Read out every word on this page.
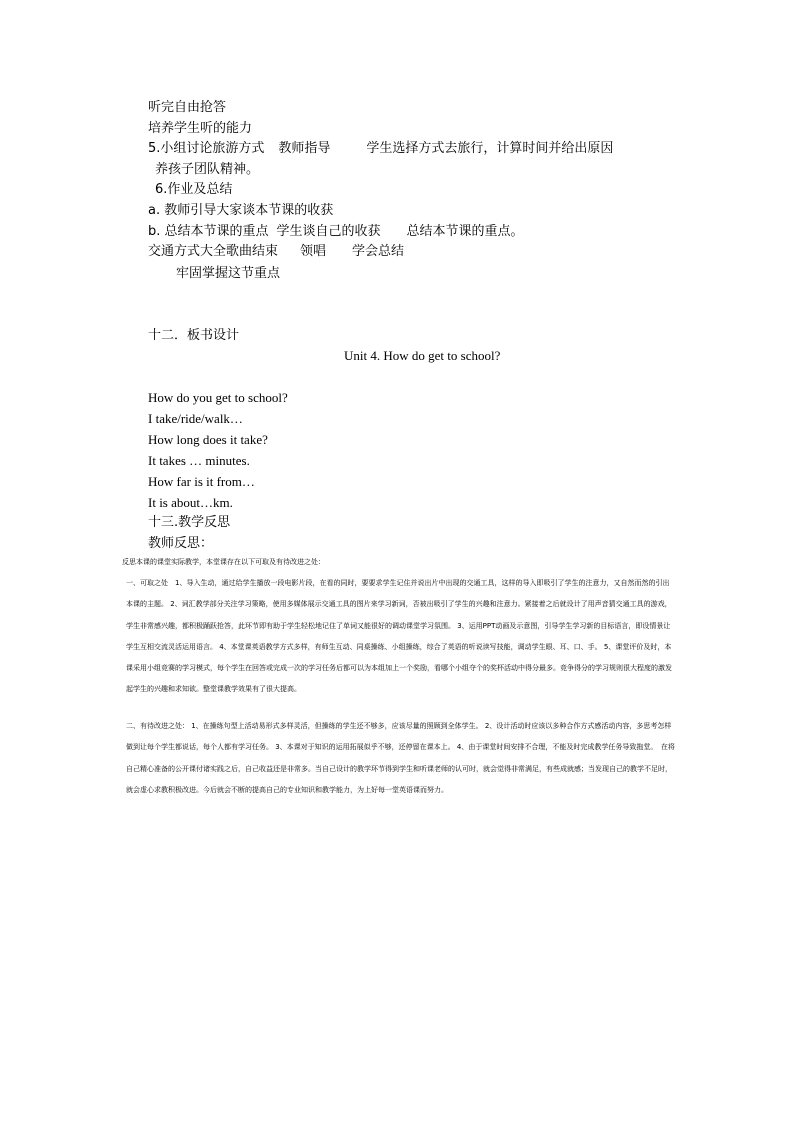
听完自由抢答
培养学生听的能力
5.小组讨论旅游方式 教师指导	学生选择方式去旅行，计算时间并给出原因
养孩子团队精神。
6.作业及总结
a. 教师引导大家谈本节课的收获
b. 总结本节课的重点 学生谈自己的收获 总结本节课的重点。
交通方式大全歌曲结束 领唱 学会总结
牢固掌握这节重点
十二．板书设计
Unit 4. How do get to school?
How do you get to school?
I take/ride/walk…
How long does it take?
It takes … minutes.
How far is it from…
It is about…km.
十三.教学反思
教师反思：

反思本课的课堂实际教学，本堂课存在以下可取及有待改进之处：

一、可取之处　1、导入生动，通过给学生播放一段电影片段，在看的同时，要要求学生记住并说出片中出现的交通工具，这样的导入即吸引了学生的注意力，又自然而然的引出本课的主题。 2、词汇教学部分关注学习策略，使用多媒体展示交通工具的图片来学习新词，否被出吸引了学生的兴趣和注意力。紧接着之后就设计了用声音猜交通工具的游戏，学生非常感兴趣，都积极踊跃抢答，此环节即有助于学生轻松地记住了单词又能很好的调动课堂学习氛围。 3、运用PPT动画及示意图，引导学生学习新的目标语言，即设情景让学生互相交流灵活运用语言。 4、本堂课英语教学方式多样，有师生互动、同桌操练、小组操练，综合了英语的听说读写技能，调动学生眼、耳、口、手。 5、课堂评价及时，本课采用小组竞赛的学习模式，每个学生在回答或完成一次的学习任务后都可以为本组加上一个奖励，看哪个小组夺个的奖杯活动中得分最多。竞争得分的学习规则很大程度的激发起学生的兴趣和求知欲。整堂课教学效果有了很大提高。

二、有待改进之处： 1、在操练句型上活动易形式多样灵活，但操练的学生还不够多，应该尽量的照顾到全体学生。 2、设计活动时应该以多种合作方式感活动内容，多思考怎样做到让每个学生都说话，每个人都有学习任务。 3、本课对于知识的运用拓展似乎不够，还停留在课本上。 4、由于课堂时间安排不合理，不能及时完成教学任务导致拖堂。　在将自己精心准备的公开课付诸实践之后，自己收益还是非常多。当自己设计的教学环节得到学生和听课老师的认可时，就会觉得非常满足，有些成就感；当发现自己的教学不足时，就会虚心求教积极改进。今后就会不断的提高自己的专业知识和教学能力，为上好每一堂英语课而努力。
